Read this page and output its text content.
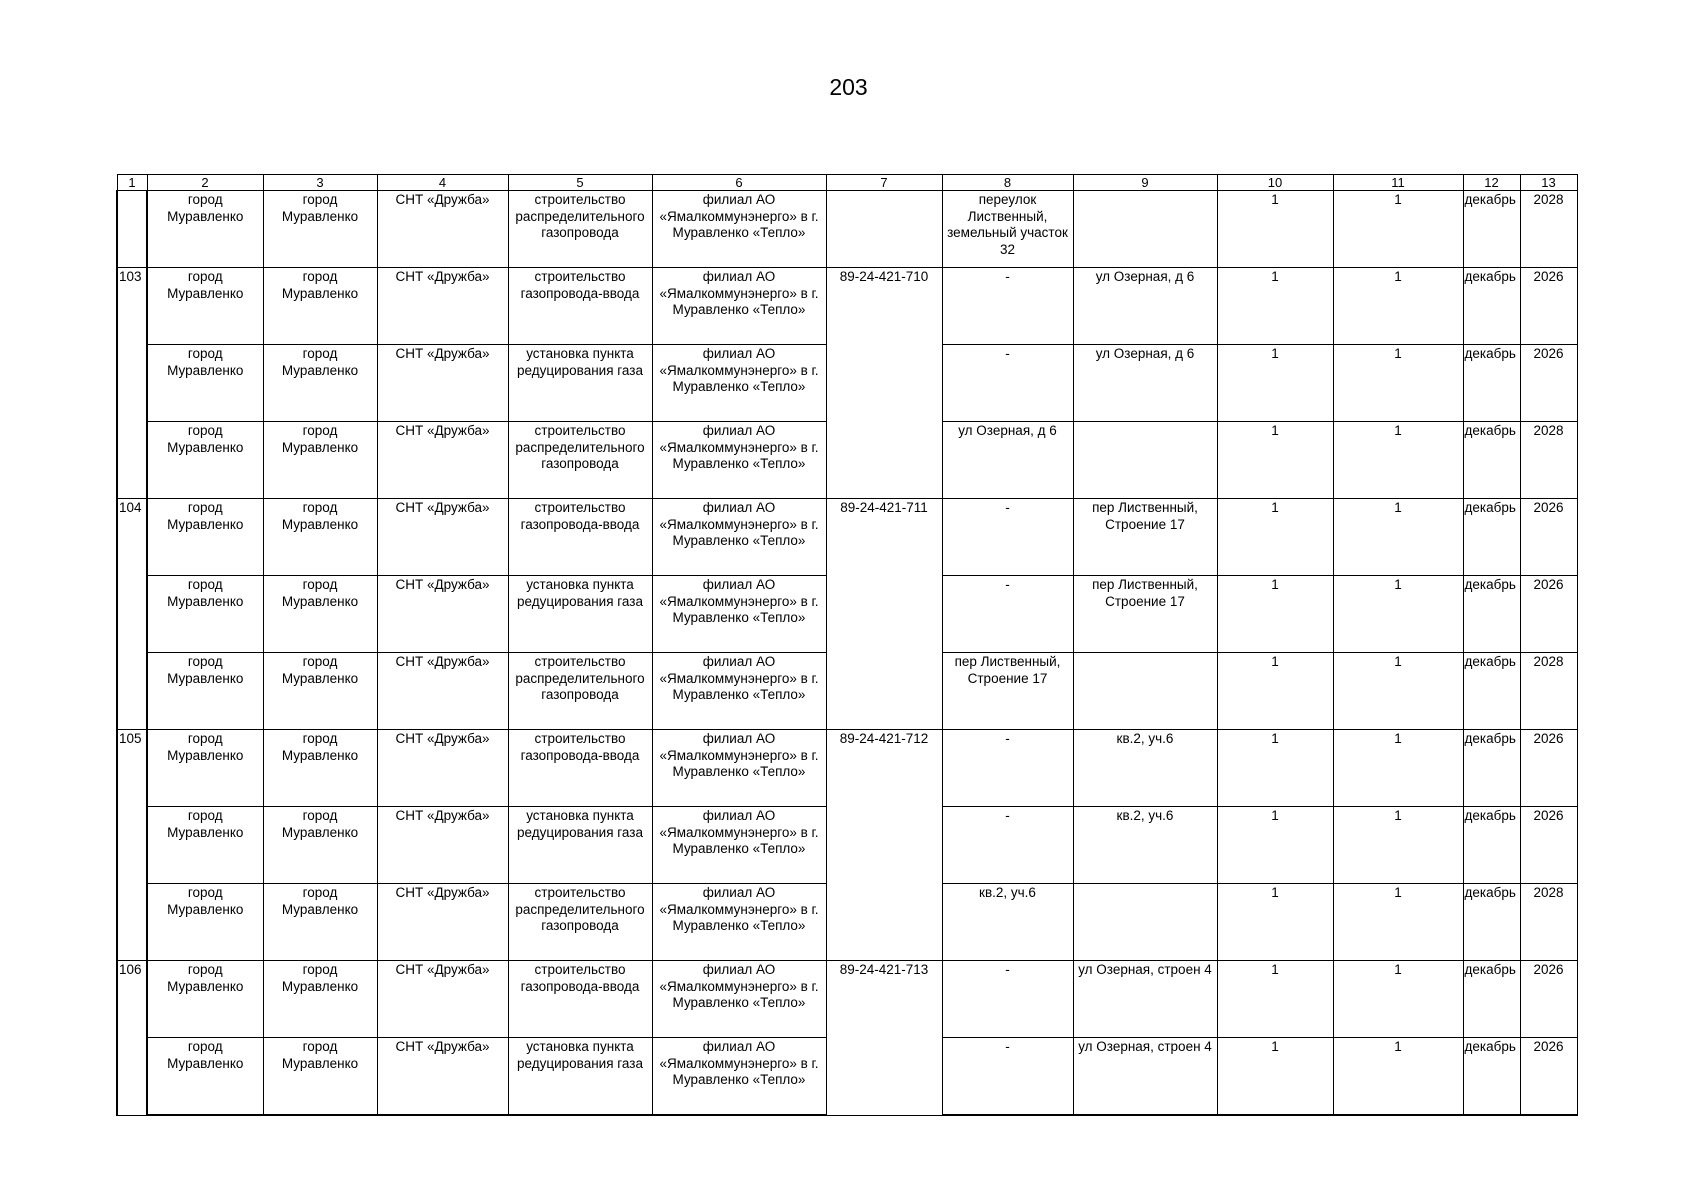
203
1	2	3	4	5	6	7	8	9	10	11	12	13
	город Муравленко	город Муравленко	СНТ «Дружба»	строительство распределительного газопровода	филиал АО «Ямалкоммунэнерго» в г. Муравленко «Тепло»		переулок Лиственный, земельный участок 32		1	1	декабрь	2028
103	город Муравленко	город Муравленко	СНТ «Дружба»	строительство газопровода-ввода	филиал АО «Ямалкоммунэнерго» в г. Муравленко «Тепло»	89-24-421-710	-	ул Озерная, д 6	1	1	декабрь	2026
	город Муравленко	город Муравленко	СНТ «Дружба»	установка пункта редуцирования газа	филиал АО «Ямалкоммунэнерго» в г. Муравленко «Тепло»		-	ул Озерная, д 6	1	1	декабрь	2026
	город Муравленко	город Муравленко	СНТ «Дружба»	строительство распределительного газопровода	филиал АО «Ямалкоммунэнерго» в г. Муравленко «Тепло»		ул Озерная, д 6		1	1	декабрь	2028
104	город Муравленко	город Муравленко	СНТ «Дружба»	строительство газопровода-ввода	филиал АО «Ямалкоммунэнерго» в г. Муравленко «Тепло»	89-24-421-711	-	пер Лиственный, Строение 17	1	1	декабрь	2026
	город Муравленко	город Муравленко	СНТ «Дружба»	установка пункта редуцирования газа	филиал АО «Ямалкоммунэнерго» в г. Муравленко «Тепло»		-	пер Лиственный, Строение 17	1	1	декабрь	2026
	город Муравленко	город Муравленко	СНТ «Дружба»	строительство распределительного газопровода	филиал АО «Ямалкоммунэнерго» в г. Муравленко «Тепло»		пер Лиственный, Строение 17		1	1	декабрь	2028
105	город Муравленко	город Муравленко	СНТ «Дружба»	строительство газопровода-ввода	филиал АО «Ямалкоммунэнерго» в г. Муравленко «Тепло»	89-24-421-712	-	кв.2, уч.6	1	1	декабрь	2026
	город Муравленко	город Муравленко	СНТ «Дружба»	установка пункта редуцирования газа	филиал АО «Ямалкоммунэнерго» в г. Муравленко «Тепло»		-	кв.2, уч.6	1	1	декабрь	2026
	город Муравленко	город Муравленко	СНТ «Дружба»	строительство распределительного газопровода	филиал АО «Ямалкоммунэнерго» в г. Муравленко «Тепло»		кв.2, уч.6		1	1	декабрь	2028
106	город Муравленко	город Муравленко	СНТ «Дружба»	строительство газопровода-ввода	филиал АО «Ямалкоммунэнерго» в г. Муравленко «Тепло»	89-24-421-713	-	ул Озерная, строен 4	1	1	декабрь	2026
	город Муравленко	город Муравленко	СНТ «Дружба»	установка пункта редуцирования газа	филиал АО «Ямалкоммунэнерго» в г. Муравленко «Тепло»		-	ул Озерная, строен 4	1	1	декабрь	2026
